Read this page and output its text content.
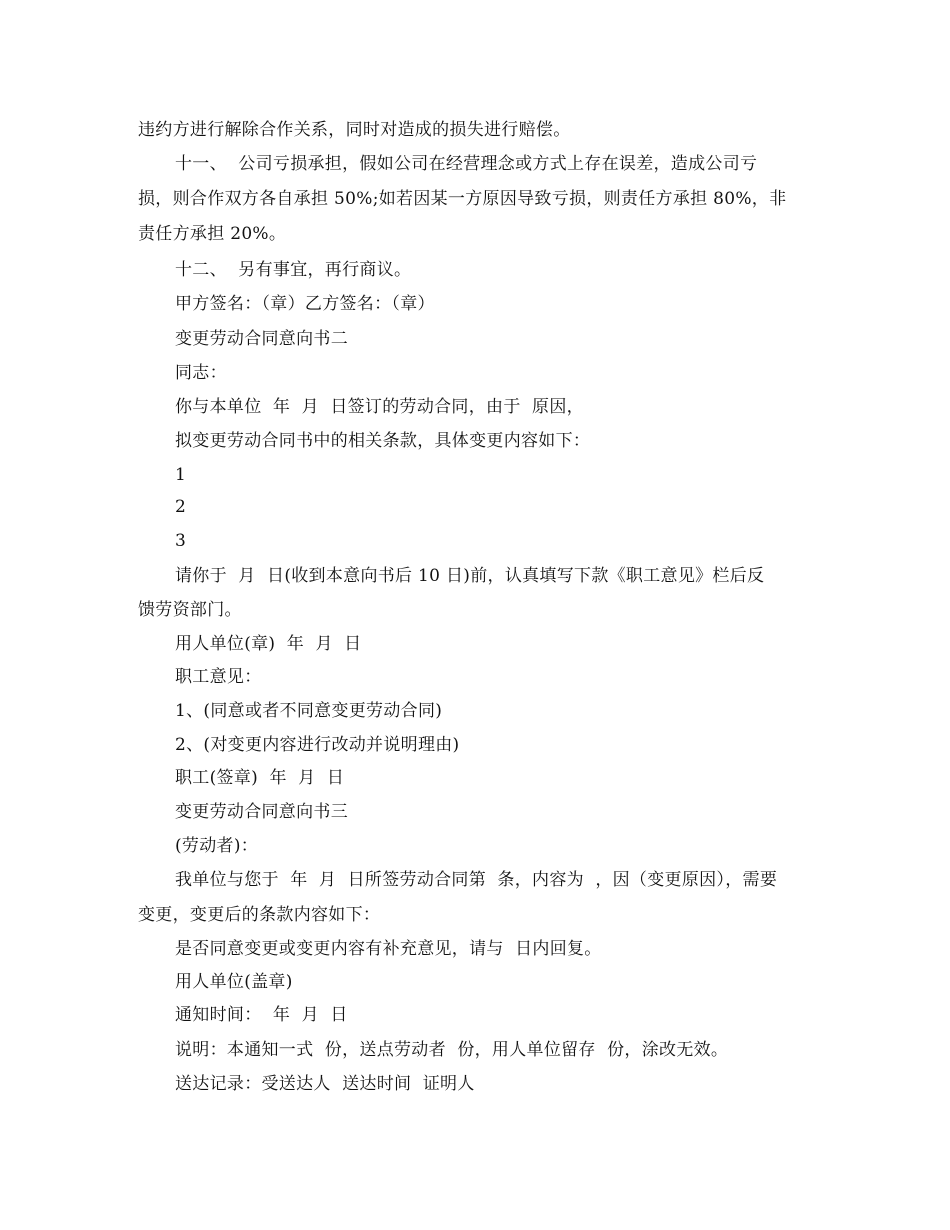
违约方进行解除合作关系，同时对造成的损失进行赔偿。
十一、  公司亏损承担，假如公司在经营理念或方式上存在误差，造成公司亏
损，则合作双方各自承担 50%;如若因某一方原因导致亏损，则责任方承担 80%，非
责任方承担 20%。
十二、  另有事宜，再行商议。
甲方签名：（章）乙方签名：（章）
变更劳动合同意向书二
同志：
你与本单位  年  月  日签订的劳动合同，由于  原因，
拟变更劳动合同书中的相关条款，具体变更内容如下：
1
2
3
请你于  月  日(收到本意向书后 10 日)前，认真填写下款《职工意见》栏后反
馈劳资部门。
用人单位(章)  年  月  日
职工意见：
1、(同意或者不同意变更劳动合同)
2、(对变更内容进行改动并说明理由)
职工(签章)  年  月  日
变更劳动合同意向书三
(劳动者)：
我单位与您于  年  月  日所签劳动合同第  条，内容为  ，因（变更原因），需要
变更，变更后的条款内容如下：
是否同意变更或变更内容有补充意见，请与  日内回复。
用人单位(盖章)
通知时间：  年  月  日
说明：本通知一式  份，送点劳动者  份，用人单位留存  份，涂改无效。
送达记录：受送达人  送达时间  证明人
